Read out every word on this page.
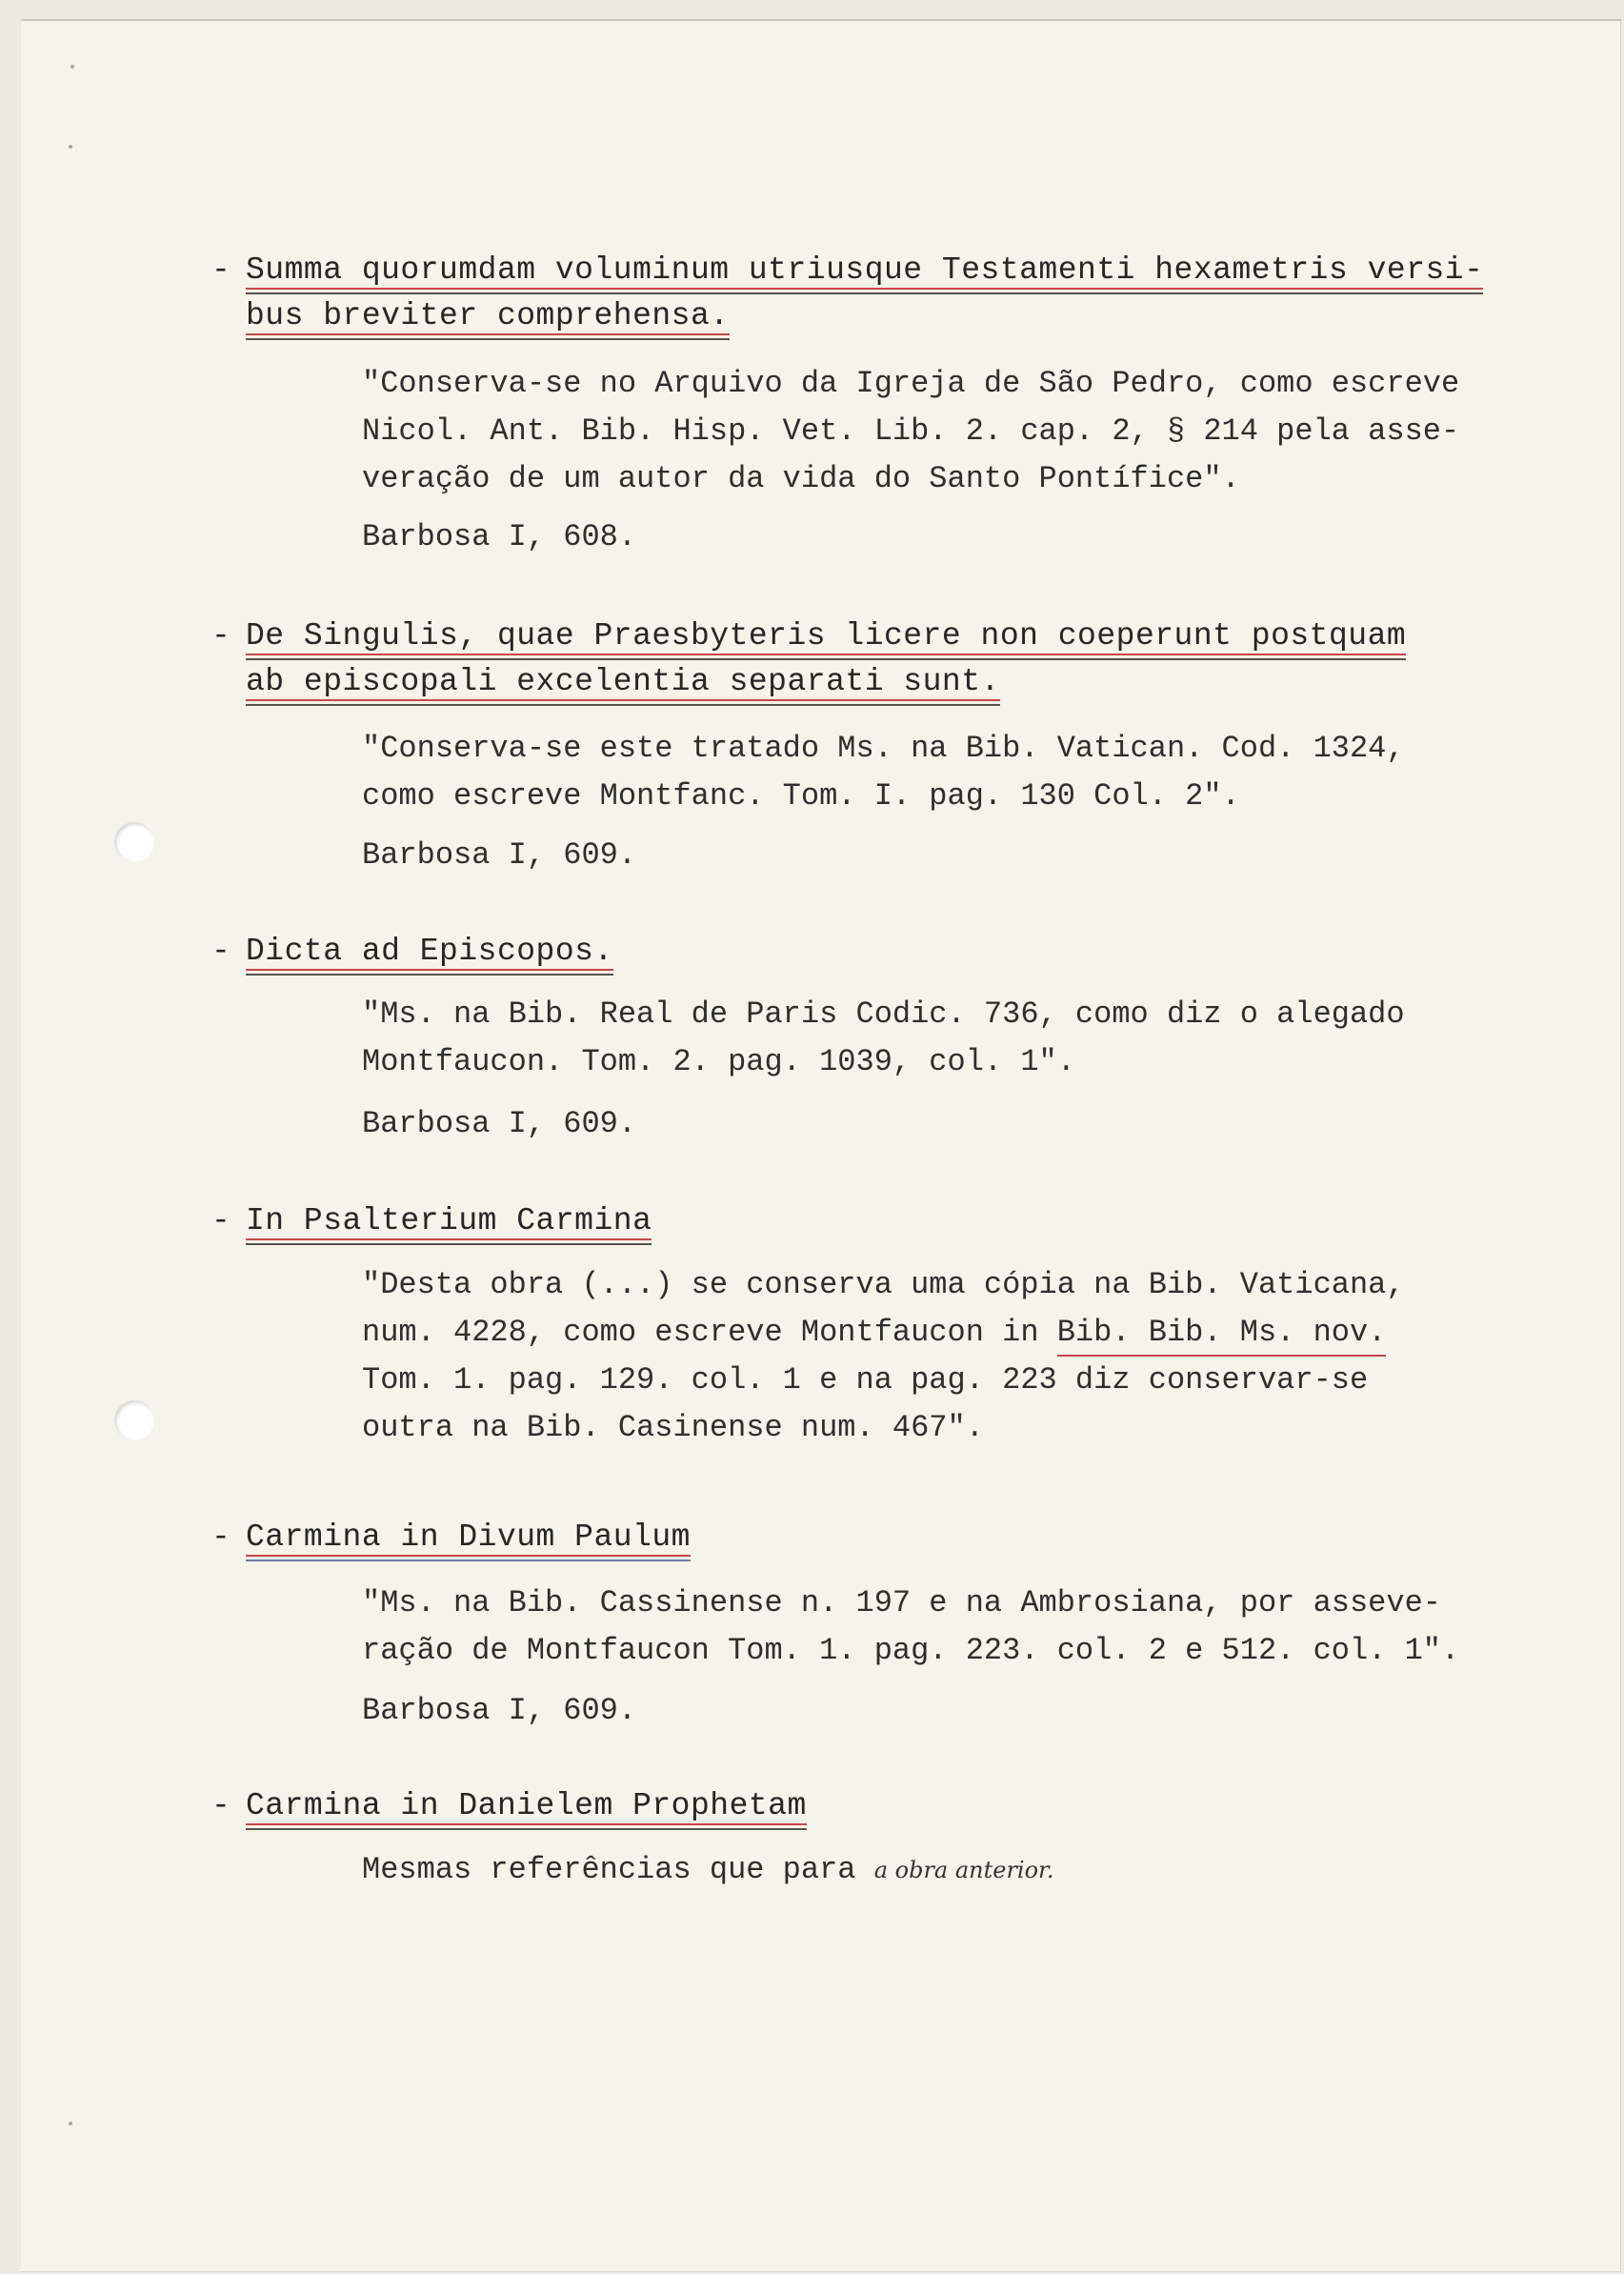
- Summa quorumdam voluminum utriusque Testamenti hexametris versi-
bus breviter comprehensa.
"Conserva-se no Arquivo da Igreja de São Pedro, como escreve
Nicol. Ant. Bib. Hisp. Vet. Lib. 2. cap. 2, § 214 pela asse-
veração de um autor da vida do Santo Pontífice".
Barbosa I, 608.
- De Singulis, quae Praesbyteris licere non coeperunt postquam
ab episcopali excelentia separati sunt.
"Conserva-se este tratado Ms. na Bib. Vatican. Cod. 1324,
como escreve Montfanc. Tom. I. pag. 130 Col. 2".
Barbosa I, 609.
- Dicta ad Episcopos.
"Ms. na Bib. Real de Paris Codic. 736, como diz o alegado
Montfaucon. Tom. 2. pag. 1039, col. 1".
Barbosa I, 609.
- In Psalterium Carmina
"Desta obra (...) se conserva uma cópia na Bib. Vaticana,
num. 4228, como escreve Montfaucon in Bib. Bib. Ms. nov.
Tom. 1. pag. 129. col. 1 e na pag. 223 diz conservar-se
outra na Bib. Casinense num. 467".
- Carmina in Divum Paulum
"Ms. na Bib. Cassinense n. 197 e na Ambrosiana, por asseve-
ração de Montfaucon Tom. 1. pag. 223. col. 2 e 512. col. 1".
Barbosa I, 609.
- Carmina in Danielem Prophetam
Mesmas referências que para a obra anterior.
